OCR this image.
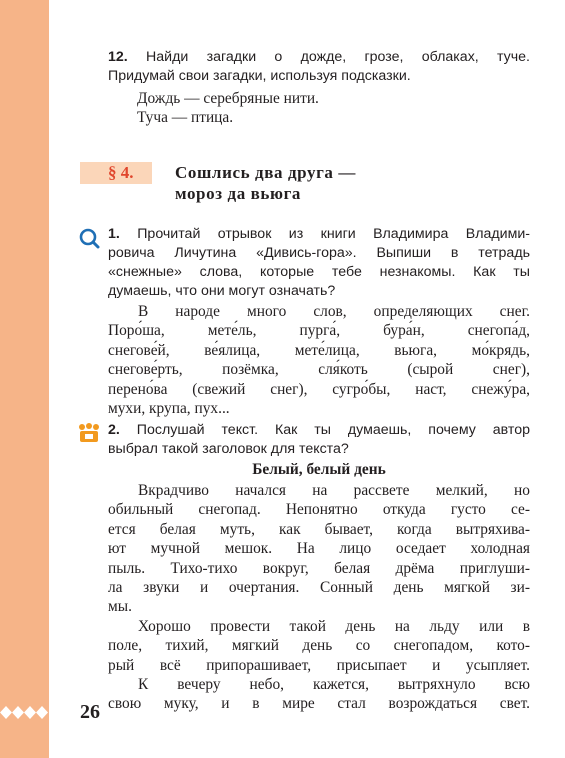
12. Найди загадки о дожде, грозе, облаках, туче.
Придумай свои загадки, используя подсказки.
Дождь — серебряные нити.
Туча — птица.
§ 4. Сошлись два друга —
мороз да вьюга
1. Прочитай отрывок из книги Владимира Владими-
ровича Личутина «Дивись-гора». Выпиши в тетрадь
«снежные» слова, которые тебе незнакомы. Как ты
думаешь, что они могут означать?
В народе много слов, определяющих снег.
Поро́ша, мете́ль, пурга́, бура́н, снегопа́д,
снегове́й, ве́ялица, мете́лица, вьюга, мо́крядь,
снегове́рть, позёмка, сля́коть (сырой снег),
перено́ва (свежий снег), сугро́бы, наст, снежу́ра,
мухи, крупа, пух...
2. Послушай текст. Как ты думаешь, почему автор
выбрал такой заголовок для текста?
Белый, белый день
Вкрадчиво начался на рассвете мелкий, но
обильный снегопад. Непонятно откуда густо се-
ется белая муть, как бывает, когда вытряхива-
ют мучной мешок. На лицо оседает холодная
пыль. Тихо-тихо вокруг, белая дрёма приглуши-
ла звуки и очертания. Сонный день мягкой зи-
мы.
Хорошо провести такой день на льду или в
поле, тихий, мягкий день со снегопадом, кото-
рый всё припорашивает, присыпает и усыпляет.
К вечеру небо, кажется, вытряхнуло всю
свою муку, и в мире стал возрождаться свет.
26
